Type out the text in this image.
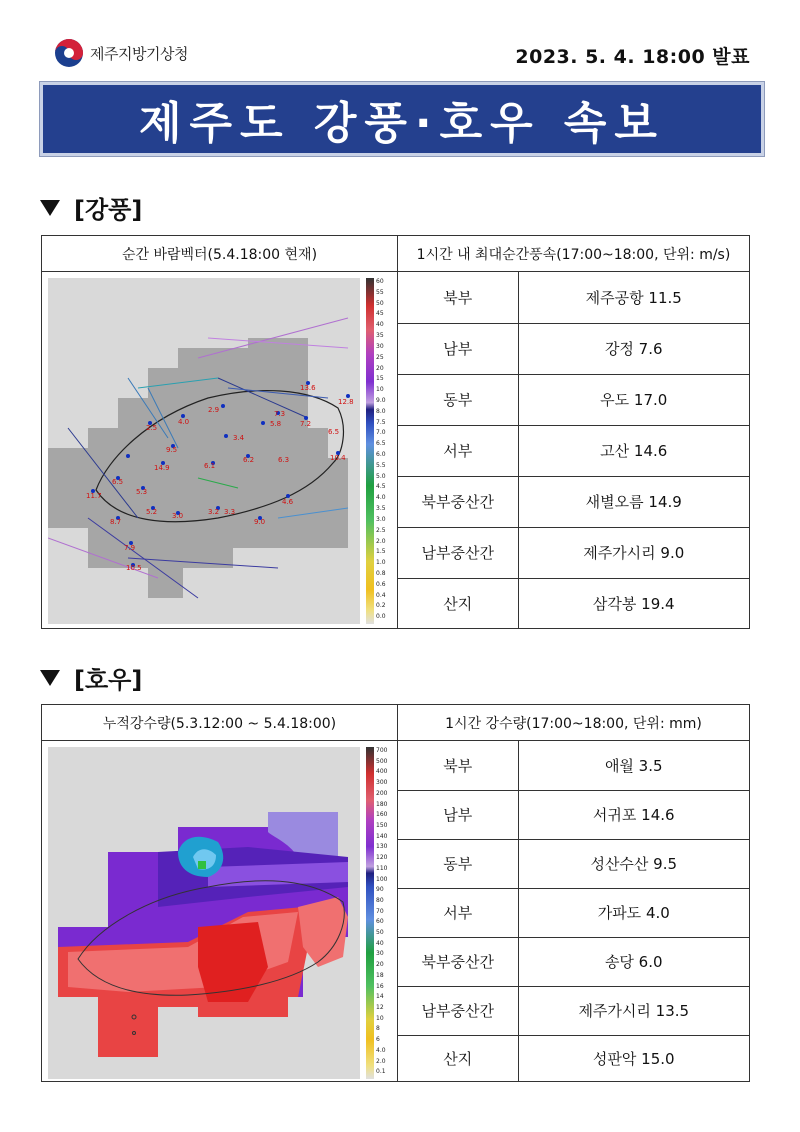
제주지방기상청	2023. 5. 4. 18:00 발표
제주도 강풍·호우 속보
[강풍]
순간 바람벡터(5.4.18:00 현재)
13.6
12.8
7.3
5.8	7.2
6.5
2.5
4.0
2.9
3.4
10.4
6.3
9.5
14.9
5.3
6.1
6.2
11.7
6.5
5.2 3.0	3.2
4.6
9.0
8.7
7.9
10.5
3.3
60
55
50
45
40
35
30
25
20
15
10
9.0
8.0
7.5
7.0
6.5
6.0
5.5
5.0
4.5
4.0
3.5
3.0
2.5
2.0
1.5
1.0
0.8
0.6
0.4
0.2
0.0
1시간 내 최대순간풍속(17:00~18:00, 단위: m/s)
북부	제주공항 11.5
남부	강정 7.6
동부	우도 17.0
서부	고산 14.6
북부중산간	새별오름 14.9
남부중산간	제주가시리 9.0
산지	삼각봉 19.4
[호우]
누적강수량(5.3.12:00 ~ 5.4.18:00)
700
500
400
300
200
180
160
150
140
130
120
110
100
90
80
70
60
50
40
30
20
18
16
14
12
10
8
6
4.0
2.0
0.1
1시간 강수량(17:00~18:00, 단위: mm)
북부	애월 3.5
남부	서귀포 14.6
동부	성산수산 9.5
서부	가파도 4.0
북부중산간	송당 6.0
남부중산간	제주가시리 13.5
산지	성판악 15.0
